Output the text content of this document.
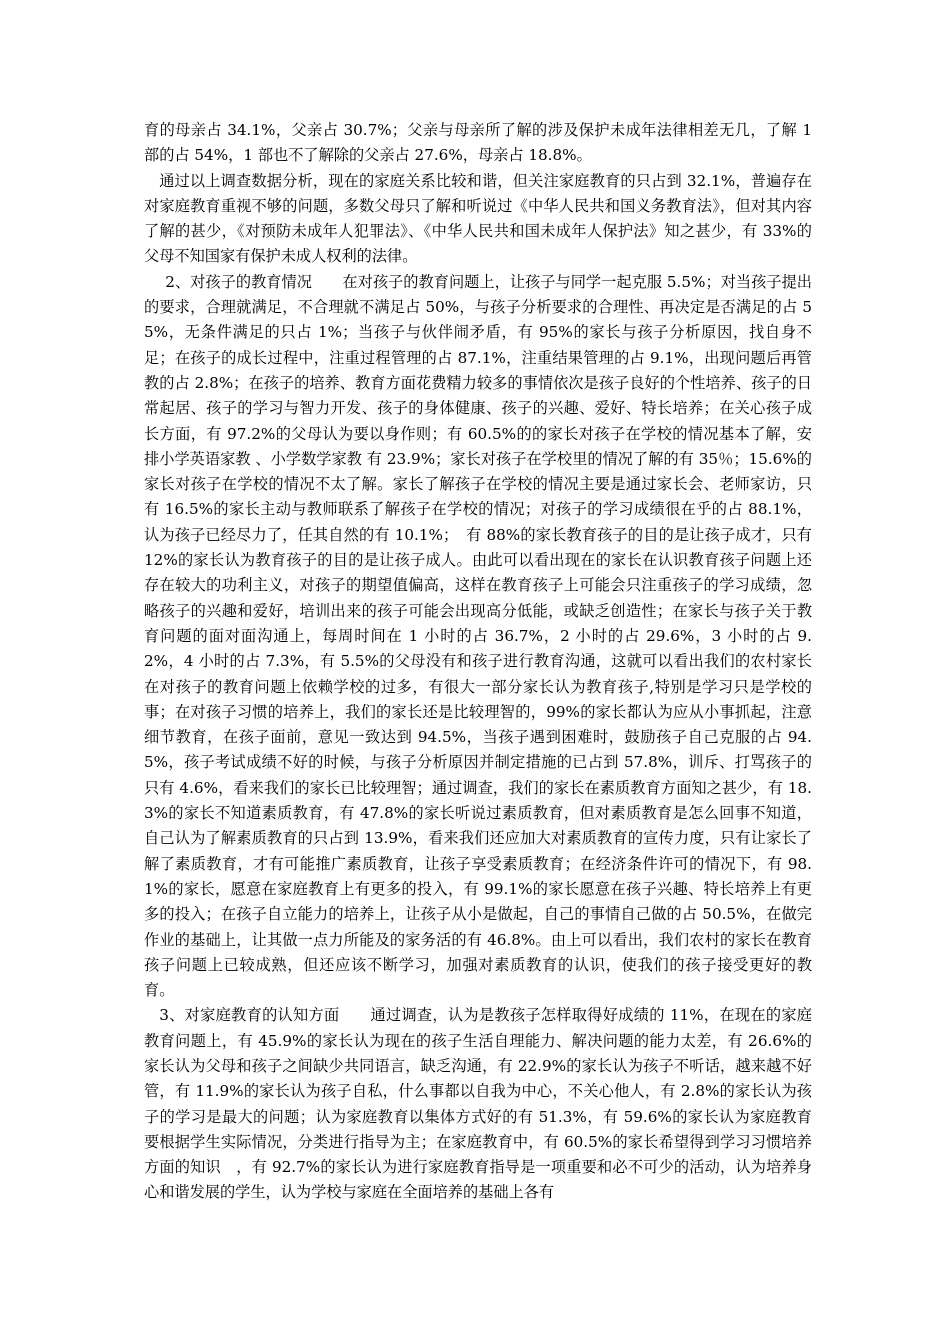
育的母亲占 34.1%，父亲占 30.7%；父亲与母亲所了解的涉及保护未成年法律相差无几，了解 1 部的占 54%，1 部也不了解除的父亲占 27.6%，母亲占 18.8%。

通过以上调查数据分析，现在的家庭关系比较和谐，但关注家庭教育的只占到 32.1%，普遍存在对家庭教育重视不够的问题，多数父母只了解和听说过《中华人民共和国义务教育法》，但对其内容了解的甚少，《对预防未成年人犯罪法》、《中华人民共和国未成年人保护法》知之甚少，有 33%的父母不知国家有保护未成人权利的法律。

2、对孩子的教育情况　　在对孩子的教育问题上，让孩子与同学一起克服 5.5%；对当孩子提出的要求，合理就满足，不合理就不满足占 50%，与孩子分析要求的合理性、再决定是否满足的占 55%，无条件满足的只占 1%；当孩子与伙伴闹矛盾，有 95%的家长与孩子分析原因，找自身不足；在孩子的成长过程中，注重过程管理的占 87.1%，注重结果管理的占 9.1%，出现问题后再管教的占 2.8%；在孩子的培养、教育方面花费精力较多的事情依次是孩子良好的个性培养、孩子的日常起居、孩子的学习与智力开发、孩子的身体健康、孩子的兴趣、爱好、特长培养；在关心孩子成长方面，有 97.2%的父母认为要以身作则；有 60.5%的的家长对孩子在学校的情况基本了解，安排小学英语家教 、小学数学家教 有 23.9%；家长对孩子在学校里的情况了解的有 35％；15.6%的家长对孩子在学校的情况不太了解。家长了解孩子在学校的情况主要是通过家长会、老师家访，只有 16.5%的家长主动与教师联系了解孩子在学校的情况；对孩子的学习成绩很在乎的占 88.1%，认为孩子已经尽力了，任其自然的有 10.1%；　有 88%的家长教育孩子的目的是让孩子成才，只有 12%的家长认为教育孩子的目的是让孩子成人。由此可以看出现在的家长在认识教育孩子问题上还存在较大的功利主义，对孩子的期望值偏高，这样在教育孩子上可能会只注重孩子的学习成绩，忽略孩子的兴趣和爱好，培训出来的孩子可能会出现高分低能，或缺乏创造性；在家长与孩子关于教育问题的面对面沟通上，每周时间在 1 小时的占 36.7%，2 小时的占 29.6%，3 小时的占 9.2%，4 小时的占 7.3%，有 5.5%的父母没有和孩子进行教育沟通，这就可以看出我们的农村家长在对孩子的教育问题上依赖学校的过多，有很大一部分家长认为教育孩子,特别是学习只是学校的事；在对孩子习惯的培养上，我们的家长还是比较理智的，99%的家长都认为应从小事抓起，注意细节教育，在孩子面前，意见一致达到 94.5%，当孩子遇到困难时，鼓励孩子自己克服的占 94.5%，孩子考试成绩不好的时候，与孩子分析原因并制定措施的已占到 57.8%，训斥、打骂孩子的只有 4.6%，看来我们的家长已比较理智；通过调查，我们的家长在素质教育方面知之甚少，有 18.3%的家长不知道素质教育，有 47.8%的家长听说过素质教育，但对素质教育是怎么回事不知道，自己认为了解素质教育的只占到 13.9%，看来我们还应加大对素质教育的宣传力度，只有让家长了解了素质教育，才有可能推广素质教育，让孩子享受素质教育；在经济条件许可的情况下，有 98.1%的家长，愿意在家庭教育上有更多的投入，有 99.1%的家长愿意在孩子兴趣、特长培养上有更多的投入；在孩子自立能力的培养上，让孩子从小是做起，自己的事情自己做的占 50.5%，在做完作业的基础上，让其做一点力所能及的家务活的有 46.8%。由上可以看出，我们农村的家长在教育孩子问题上已较成熟，但还应该不断学习，加强对素质教育的认识，使我们的孩子接受更好的教育。

3、对家庭教育的认知方面　　通过调查，认为是教孩子怎样取得好成绩的 11%，在现在的家庭教育问题上，有 45.9%的家长认为现在的孩子生活自理能力、解决问题的能力太差，有 26.6%的家长认为父母和孩子之间缺少共同语言，缺乏沟通，有 22.9%的家长认为孩子不听话，越来越不好管，有 11.9%的家长认为孩子自私，什么事都以自我为中心，不关心他人，有 2.8%的家长认为孩子的学习是最大的问题；认为家庭教育以集体方式好的有 51.3%，有 59.6%的家长认为家庭教育要根据学生实际情况，分类进行指导为主；在家庭教育中，有 60.5%的家长希望得到学习习惯培养方面的知识　，有 92.7%的家长认为进行家庭教育指导是一项重要和必不可少的活动，认为培养身心和谐发展的学生，认为学校与家庭在全面培养的基础上各有
